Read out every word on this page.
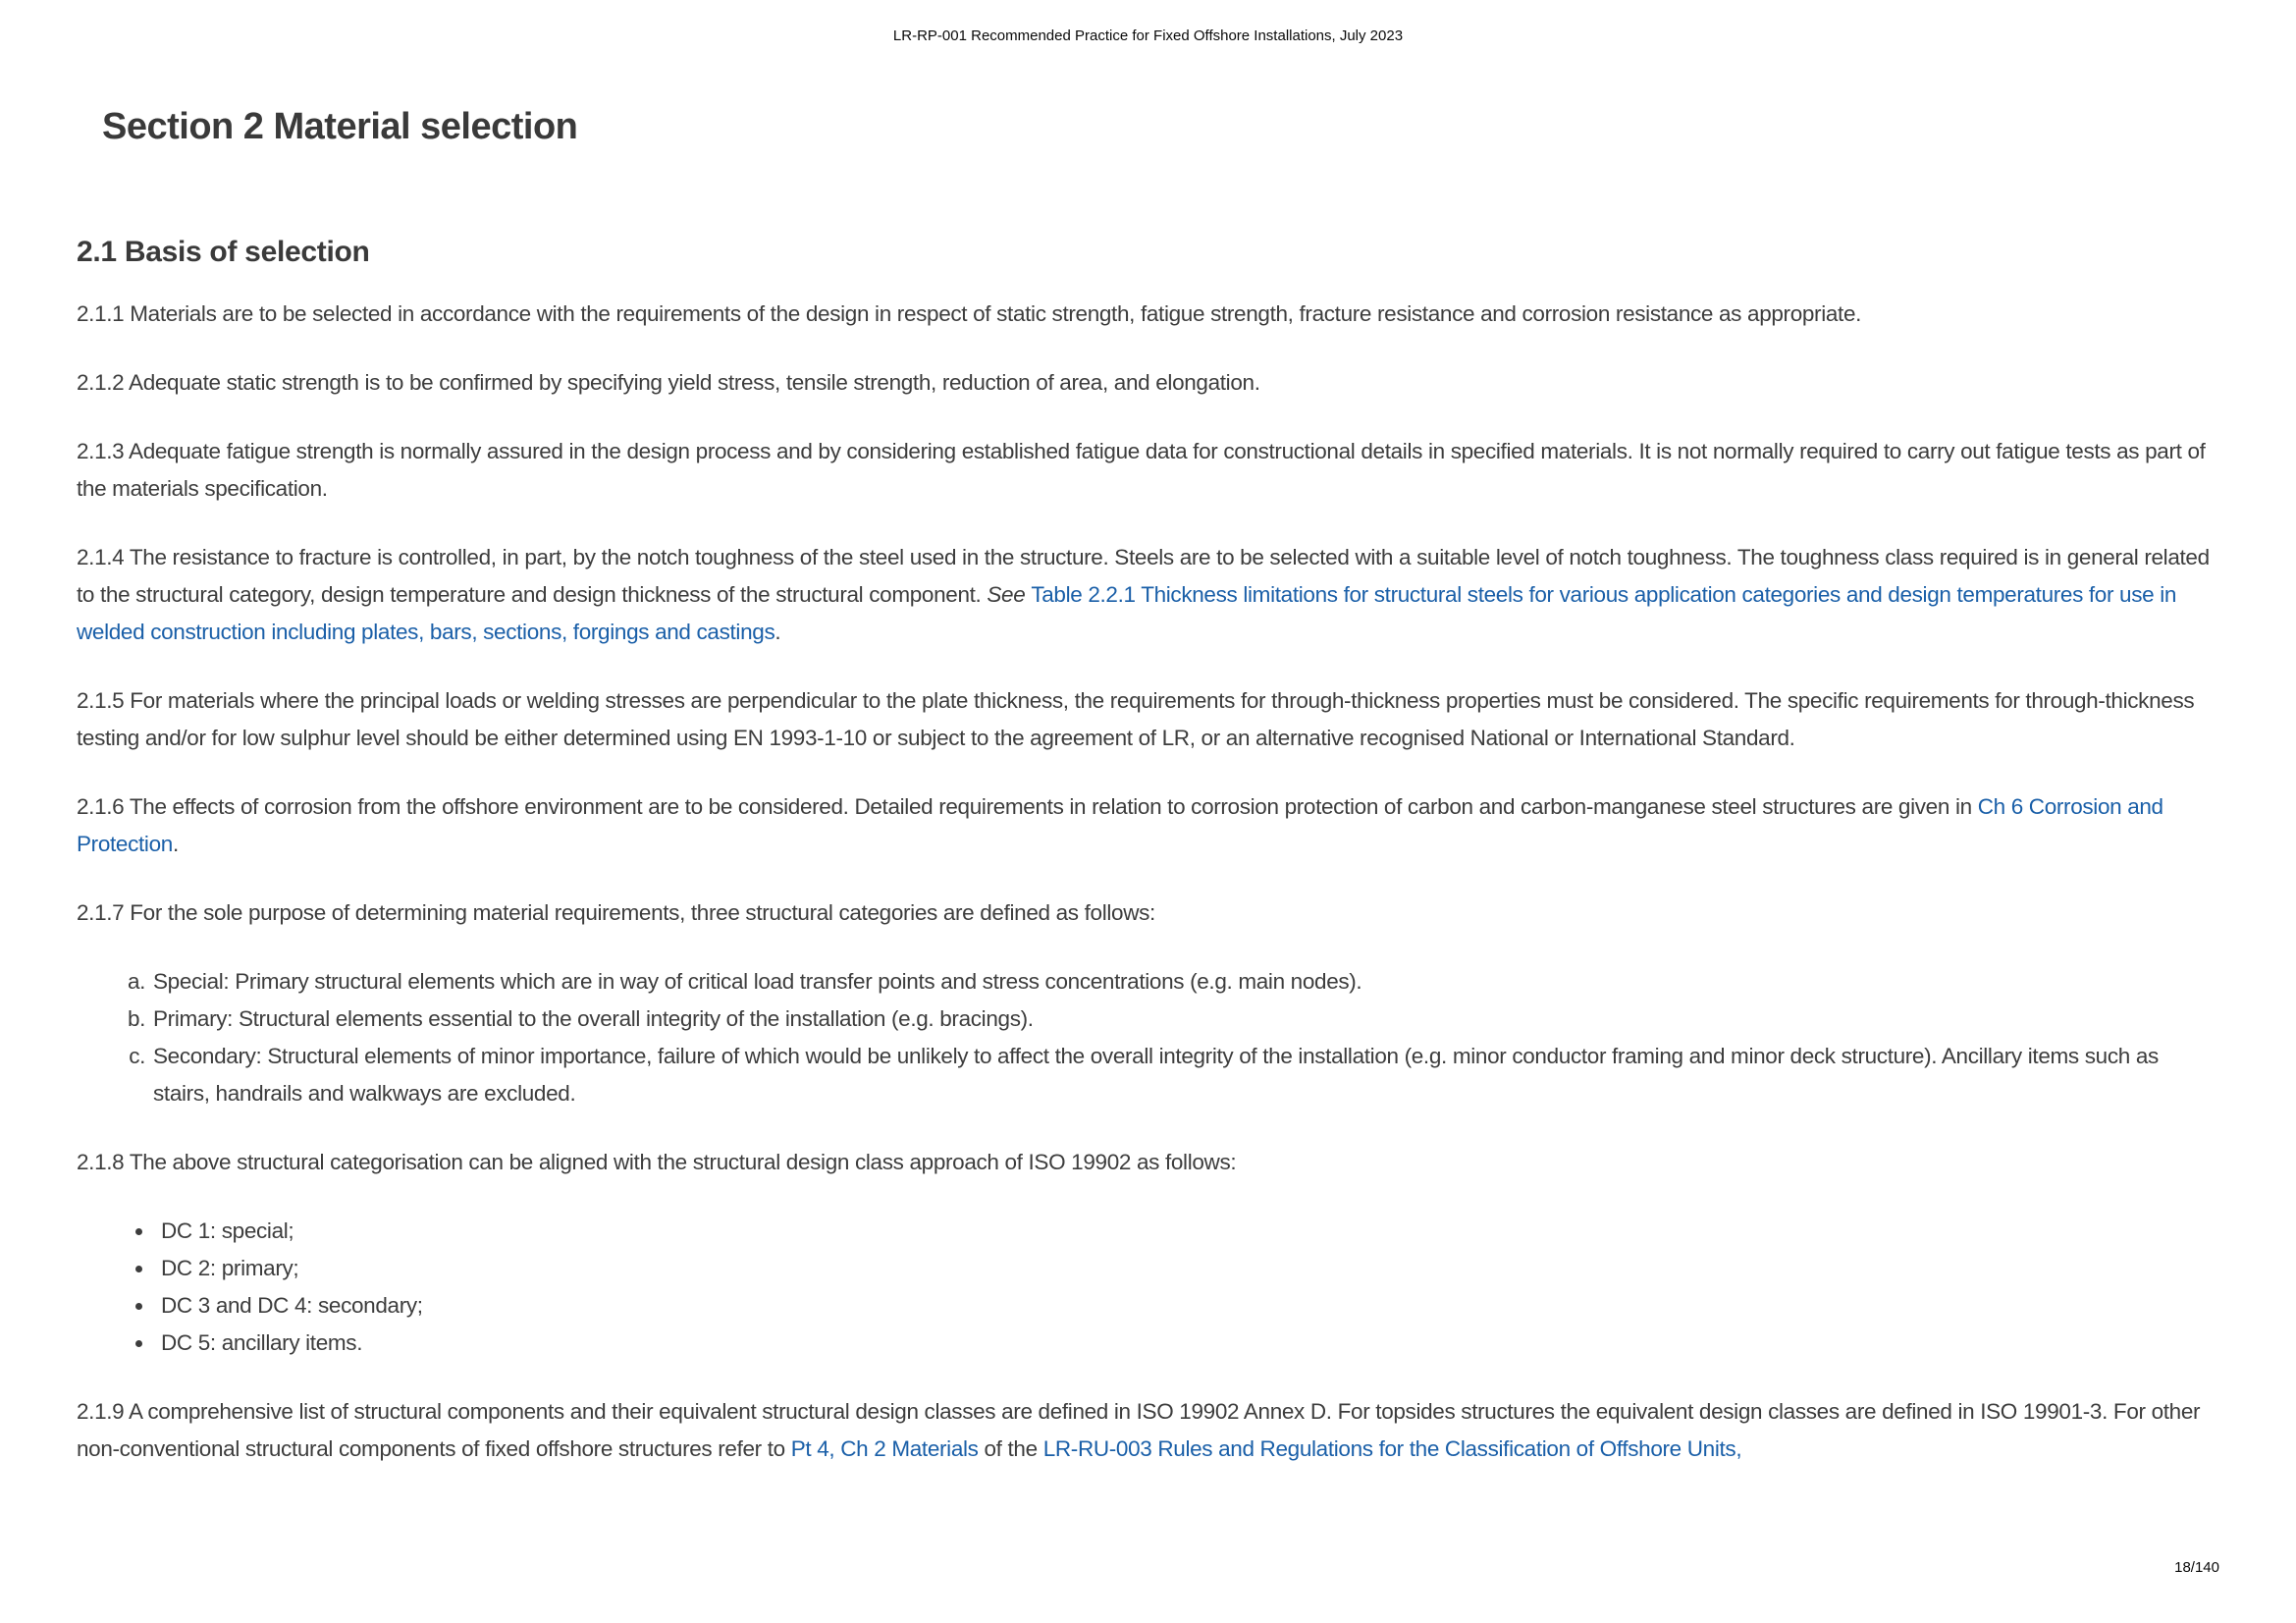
LR-RP-001 Recommended Practice for Fixed Offshore Installations, July 2023
Section 2 Material selection
2.1 Basis of selection

2.1.1 Materials are to be selected in accordance with the requirements of the design in respect of static strength, fatigue strength, fracture resistance and corrosion resistance as appropriate.

2.1.2 Adequate static strength is to be confirmed by specifying yield stress, tensile strength, reduction of area, and elongation.

2.1.3 Adequate fatigue strength is normally assured in the design process and by considering established fatigue data for constructional details in specified materials. It is not normally required to carry out fatigue tests as part of the materials specification.

2.1.4 The resistance to fracture is controlled, in part, by the notch toughness of the steel used in the structure. Steels are to be selected with a suitable level of notch toughness. The toughness class required is in general related to the structural category, design temperature and design thickness of the structural component. See Table 2.2.1 Thickness limitations for structural steels for various application categories and design temperatures for use in welded construction including plates, bars, sections, forgings and castings.

2.1.5 For materials where the principal loads or welding stresses are perpendicular to the plate thickness, the requirements for through-thickness properties must be considered. The specific requirements for through-thickness testing and/or for low sulphur level should be either determined using EN 1993-1-10 or subject to the agreement of LR, or an alternative recognised National or International Standard.

2.1.6 The effects of corrosion from the offshore environment are to be considered. Detailed requirements in relation to corrosion protection of carbon and carbon-manganese steel structures are given in Ch 6 Corrosion and Protection.

2.1.7 For the sole purpose of determining material requirements, three structural categories are defined as follows:

a. Special: Primary structural elements which are in way of critical load transfer points and stress concentrations (e.g. main nodes).
b. Primary: Structural elements essential to the overall integrity of the installation (e.g. bracings).
c. Secondary: Structural elements of minor importance, failure of which would be unlikely to affect the overall integrity of the installation (e.g. minor conductor framing and minor deck structure). Ancillary items such as stairs, handrails and walkways are excluded.

2.1.8 The above structural categorisation can be aligned with the structural design class approach of ISO 19902 as follows:

• DC 1: special;
• DC 2: primary;
• DC 3 and DC 4: secondary;
• DC 5: ancillary items.

2.1.9 A comprehensive list of structural components and their equivalent structural design classes are defined in ISO 19902 Annex D. For topsides structures the equivalent design classes are defined in ISO 19901-3. For other non-conventional structural components of fixed offshore structures refer to Pt 4, Ch 2 Materials of the LR-RU-003 Rules and Regulations for the Classification of Offshore Units,

18/140
